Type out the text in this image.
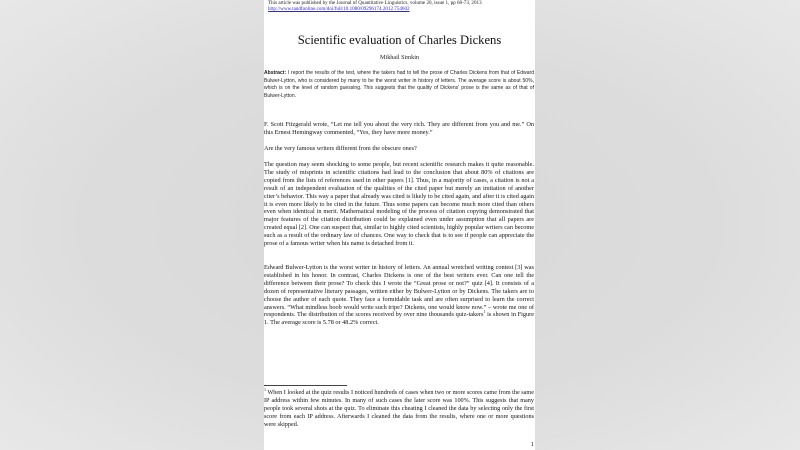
This article was published by the Journal of Quantitative Linguistics, volume 20, issue 1, pp 68-73, 2013
http://www.tandfonline.com/doi/full/10.1080/09296174.2012.754602
Scientific evaluation of Charles Dickens
Mikhail Simkin
Abstract: I report the results of the test, where the takers had to tell the prose of Charles Dickens from that of Edward Bulwer-Lytton, who is considered by many to be the worst writer in history of letters. The average score is about 50%, which is on the level of random guessing. This suggests that the quality of Dickens' prose is the same as of that of Bulwer-Lytton.
F. Scott Fitzgerald wrote, “Let me tell you about the very rich. They are different from you and me.” On this Ernest Hemingway commented, “Yes, they have more money.”
Are the very famous writers different from the obscure ones?
The question may seem shocking to some people, but recent scientific research makes it quite reasonable. The study of misprints in scientific citations had lead to the conclusion that about 80% of citations are copied from the lists of references used in other papers [1]. Thus, in a majority of cases, a citation is not a result of an independent evaluation of the qualities of the cited paper but merely an imitation of another citer’s behavior. This way a paper that already was cited is likely to be cited again, and after it is cited again it is even more likely to be cited in the future. Thus some papers can become much more cited than others even when identical in merit. Mathematical modeling of the process of citation copying demonstrated that major features of the citation distribution could be explained even under assumption that all papers are created equal [2]. One can suspect that, similar to highly cited scientists, highly popular writers can become such as a result of the ordinary law of chances. One way to check that is to see if people can appreciate the prose of a famous writer when his name is detached from it.
Edward Bulwer-Lytton is the worst writer in history of letters. An annual wretched writing contest [3] was established in his honor. In contrast, Charles Dickens is one of the best writers ever. Can one tell the difference between their prose? To check this I wrote the “Great prose or not?” quiz [4]. It consists of a dozen of representative literary passages, written either by Bulwer-Lytton or by Dickens. The takers are to choose the author of each quote. They face a formidable task and are often surprised to learn the correct answers. “What mindless boob would write such tripe? Dickens, one would know now.” – wrote me one of respondents. The distribution of the scores received by over nine thousands quiz-takers$^1$ is shown in Figure 1. The average score is 5.78 or 48.2% correct.
$^1$ When I looked at the quiz results I noticed hundreds of cases when two or more scores came from the same IP address within few minutes. In many of such cases the later score was 100%. This suggests that many people took several shots at the quiz. To eliminate this cheating I cleaned the data by selecting only the first score from each IP address. Afterwards I cleaned the data from the results, where one or more questions were skipped.
1
